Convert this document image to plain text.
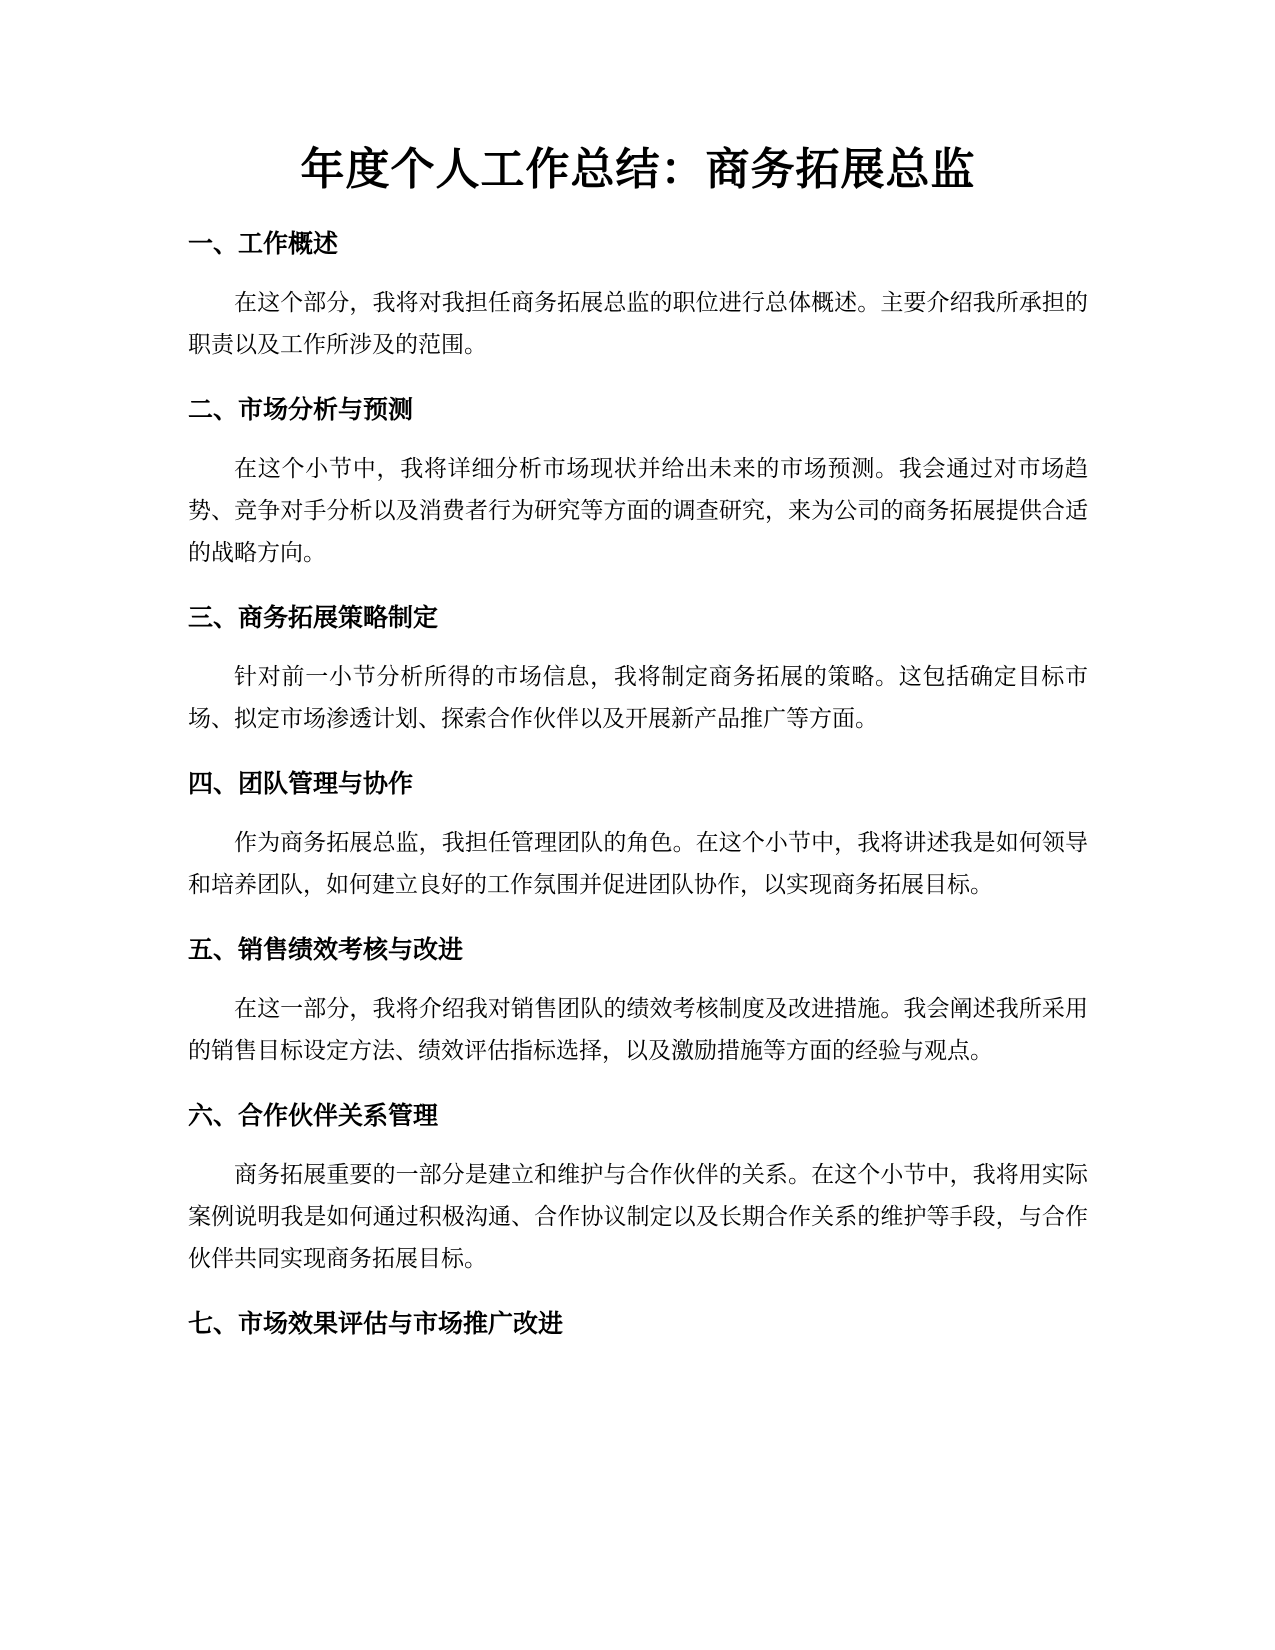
年度个人工作总结：商务拓展总监
一、工作概述

在这个部分，我将对我担任商务拓展总监的职位进行总体概述。主要介绍我所承担的职责以及工作所涉及的范围。

二、市场分析与预测

在这个小节中，我将详细分析市场现状并给出未来的市场预测。我会通过对市场趋势、竞争对手分析以及消费者行为研究等方面的调查研究，来为公司的商务拓展提供合适的战略方向。

三、商务拓展策略制定

针对前一小节分析所得的市场信息，我将制定商务拓展的策略。这包括确定目标市场、拟定市场渗透计划、探索合作伙伴以及开展新产品推广等方面。

四、团队管理与协作

作为商务拓展总监，我担任管理团队的角色。在这个小节中，我将讲述我是如何领导和培养团队，如何建立良好的工作氛围并促进团队协作，以实现商务拓展目标。

五、销售绩效考核与改进

在这一部分，我将介绍我对销售团队的绩效考核制度及改进措施。我会阐述我所采用的销售目标设定方法、绩效评估指标选择，以及激励措施等方面的经验与观点。

六、合作伙伴关系管理

商务拓展重要的一部分是建立和维护与合作伙伴的关系。在这个小节中，我将用实际案例说明我是如何通过积极沟通、合作协议制定以及长期合作关系的维护等手段，与合作伙伴共同实现商务拓展目标。

七、市场效果评估与市场推广改进
